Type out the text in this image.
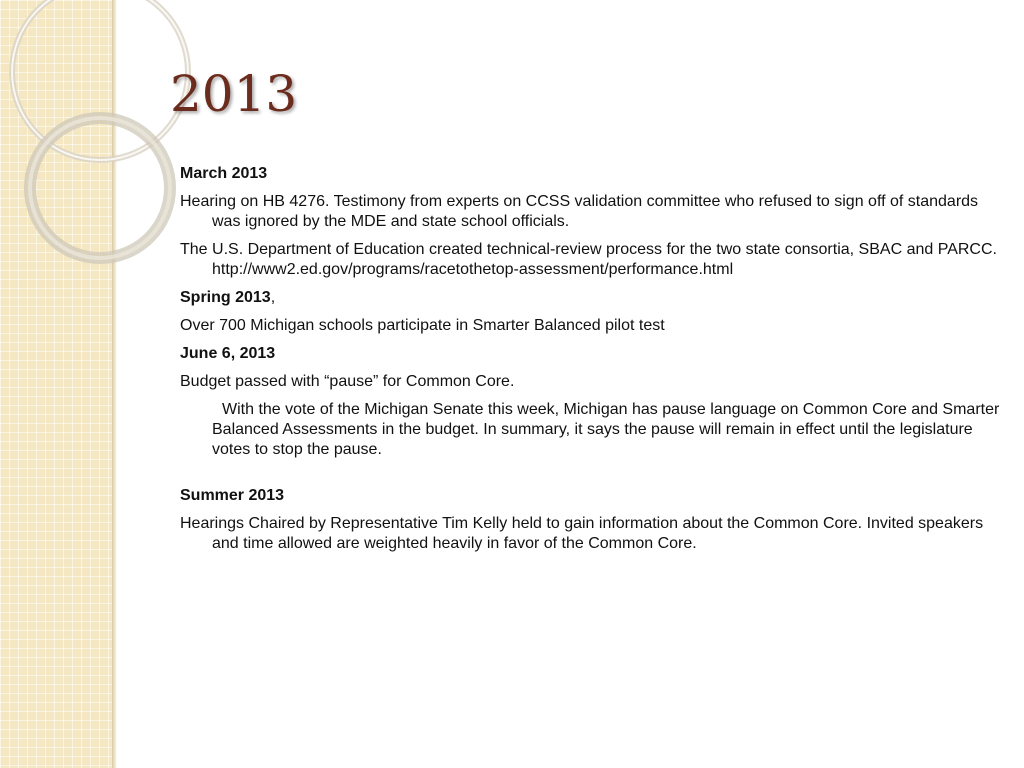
2013

March 2013

Hearing on HB 4276. Testimony from experts on CCSS validation committee who refused to sign off of standards was ignored by the MDE and state school officials.

The U.S. Department of Education created technical-review process for the two state consortia, SBAC and PARCC. http://www2.ed.gov/programs/racetothetop-assessment/performance.html

Spring 2013,

Over 700 Michigan schools participate in Smarter Balanced pilot test

June 6, 2013

Budget passed with “pause” for Common Core.

With the vote of the Michigan Senate this week, Michigan has pause language on Common Core and Smarter Balanced Assessments in the budget. In summary, it says the pause will remain in effect until the legislature votes to stop the pause.

Summer 2013

Hearings Chaired by Representative Tim Kelly held to gain information about the Common Core. Invited speakers and time allowed are weighted heavily in favor of the Common Core.
